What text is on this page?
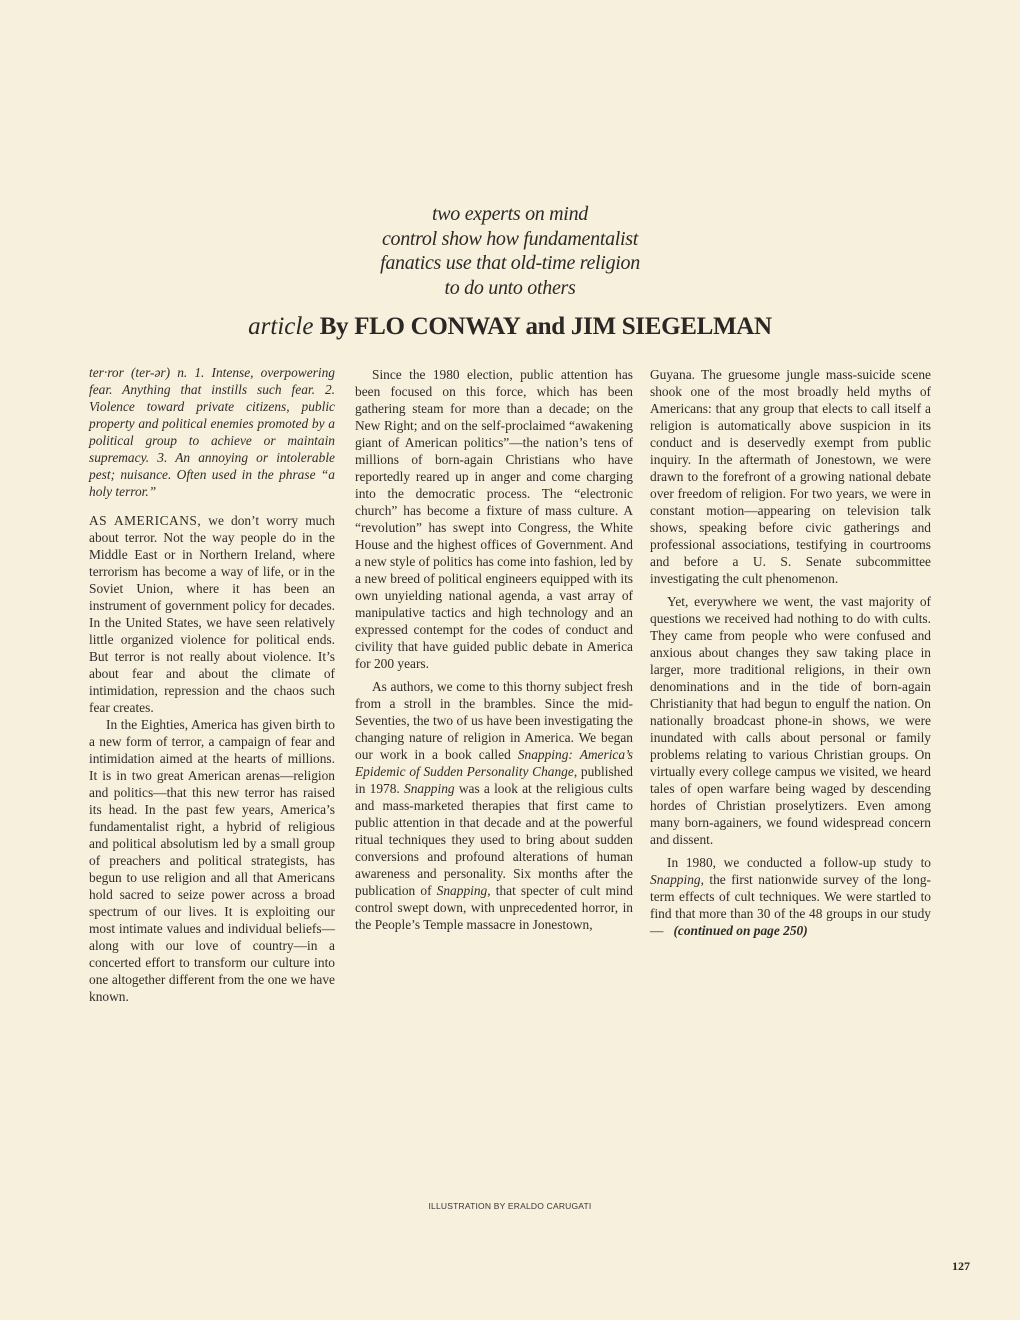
two experts on mind
control show how fundamentalist
fanatics use that old-time religion
to do unto others
article By FLO CONWAY and JIM SIEGELMAN

ter·ror (ter-ər) n. 1. Intense, overpowering fear. Anything that instills such fear. 2. Violence toward private citizens, public property and political enemies promoted by a political group to achieve or maintain supremacy. 3. An annoying or intolerable pest; nuisance. Often used in the phrase “a holy terror.”

AS AMERICANS, we don’t worry much about terror. Not the way people do in the Middle East or in Northern Ireland, where terrorism has become a way of life, or in the Soviet Union, where it has been an instrument of government policy for decades. In the United States, we have seen relatively little organized violence for political ends. But terror is not really about violence. It’s about fear and about the climate of intimidation, repression and the chaos such fear creates.

In the Eighties, America has given birth to a new form of terror, a campaign of fear and intimidation aimed at the hearts of millions. It is in two great American arenas—religion and politics—that this new terror has raised its head. In the past few years, America’s fundamentalist right, a hybrid of religious and political absolutism led by a small group of preachers and political strategists, has begun to use religion and all that Americans hold sacred to seize power across a broad spectrum of our lives. It is exploiting our most intimate values and individual beliefs—along with our love of country—in a concerted effort to transform our culture into one altogether different from the one we have known.

Since the 1980 election, public attention has been focused on this force, which has been gathering steam for more than a decade; on the New Right; and on the self-proclaimed “awakening giant of American politics”—the nation’s tens of millions of born-again Christians who have reportedly reared up in anger and come charging into the democratic process. The “electronic church” has become a fixture of mass culture. A “revolution” has swept into Congress, the White House and the highest offices of Government. And a new style of politics has come into fashion, led by a new breed of political engineers equipped with its own unyielding national agenda, a vast array of manipulative tactics and high technology and an expressed contempt for the codes of conduct and civility that have guided public debate in America for 200 years.

As authors, we come to this thorny subject fresh from a stroll in the brambles. Since the mid-Seventies, the two of us have been investigating the changing nature of religion in America. We began our work in a book called Snapping: America’s Epidemic of Sudden Personality Change, published in 1978. Snapping was a look at the religious cults and mass-marketed therapies that first came to public attention in that decade and at the powerful ritual techniques they used to bring about sudden conversions and profound alterations of human awareness and personality. Six months after the publication of Snapping, that specter of cult mind control swept down, with unprecedented horror, in the People’s Temple massacre in Jonestown,

Guyana. The gruesome jungle mass-suicide scene shook one of the most broadly held myths of Americans: that any group that elects to call itself a religion is automatically above suspicion in its conduct and is deservedly exempt from public inquiry. In the aftermath of Jonestown, we were drawn to the forefront of a growing national debate over freedom of religion. For two years, we were in constant motion—appearing on television talk shows, speaking before civic gatherings and professional associations, testifying in courtrooms and before a U. S. Senate subcommittee investigating the cult phenomenon.

Yet, everywhere we went, the vast majority of questions we received had nothing to do with cults. They came from people who were confused and anxious about changes they saw taking place in larger, more traditional religions, in their own denominations and in the tide of born-again Christianity that had begun to engulf the nation. On nationally broadcast phone-in shows, we were inundated with calls about personal or family problems relating to various Christian groups. On virtually every college campus we visited, we heard tales of open warfare being waged by descending hordes of Christian proselytizers. Even among many born-againers, we found widespread concern and dissent.

In 1980, we conducted a follow-up study to Snapping, the first nationwide survey of the long-term effects of cult techniques. We were startled to find that more than 30 of the 48 groups in our study— (continued on page 250)

ILLUSTRATION BY ERALDO CARUGATI
127
